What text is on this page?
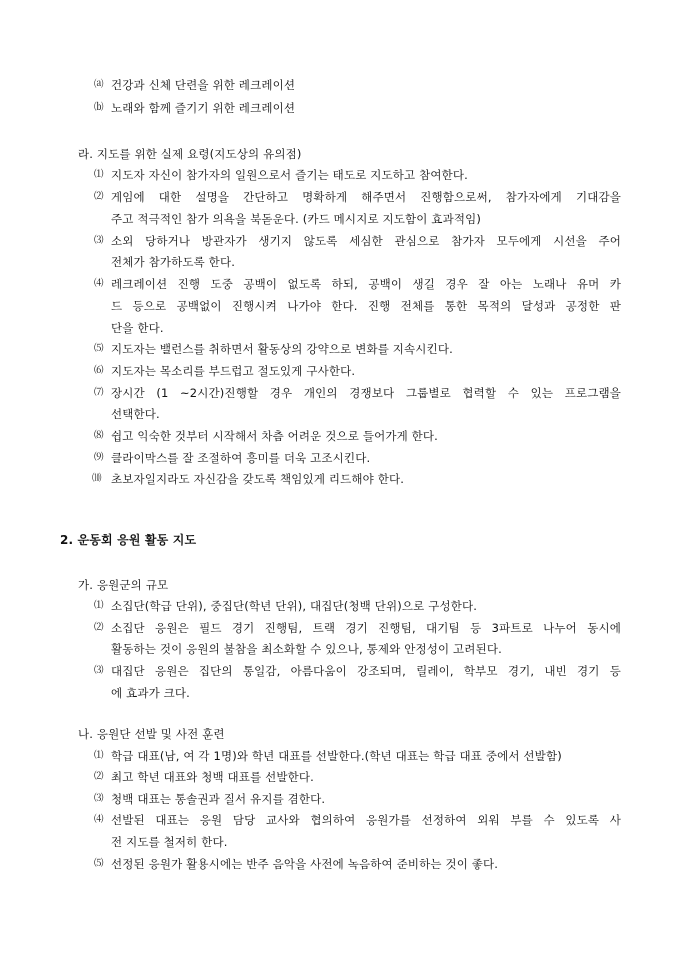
⒜ 건강과 신체 단련을 위한 레크레이션
⒝ 노래와 함께 즐기기 위한 레크레이션
라. 지도를 위한 실제 요령(지도상의 유의점)
⑴ 지도자 자신이 참가자의 일원으로서 즐기는 태도로 지도하고 참여한다.
⑵ 게임에 대한 설명을 간단하고 명확하게 해주면서 진행함으로써, 참가자에게 기대감을
주고 적극적인 참가 의욕을 북돋운다. (카드 메시지로 지도함이 효과적임)
⑶ 소외 당하거나 방관자가 생기지 않도록 세심한 관심으로 참가자 모두에게 시선을 주어
전체가 참가하도록 한다.
⑷ 레크레이션 진행 도중 공백이 없도록 하되, 공백이 생길 경우 잘 아는 노래나 유머 카
드 등으로 공백없이 진행시켜 나가야 한다. 진행 전체를 통한 목적의 달성과 공정한 판
단을 한다.
⑸ 지도자는 밸런스를 취하면서 활동상의 강약으로 변화를 지속시킨다.
⑹ 지도자는 목소리를 부드럽고 절도있게 구사한다.
⑺ 장시간 (1 ~2시간)진행할 경우 개인의 경쟁보다 그룹별로 협력할 수 있는 프로그램을
선택한다.
⑻ 쉽고 익숙한 것부터 시작해서 차츰 어려운 것으로 들어가게 한다.
⑼ 클라이막스를 잘 조절하여 흥미를 더욱 고조시킨다.
⑽ 초보자일지라도 자신감을 갖도록 책임있게 리드해야 한다.
2. 운동회 응원 활동 지도
가. 응원군의 규모
⑴ 소집단(학급 단위), 중집단(학년 단위), 대집단(청백 단위)으로 구성한다.
⑵ 소집단 응원은 필드 경기 진행팀, 트랙 경기 진행팀, 대기팀 등 3파트로 나누어 동시에
활동하는 것이 응원의 불참을 최소화할 수 있으나, 통제와 안정성이 고려된다.
⑶ 대집단 응원은 집단의 통일감, 아름다움이 강조되며, 릴레이, 학부모 경기, 내빈 경기 등
에 효과가 크다.
나. 응원단 선발 및 사전 훈련
⑴ 학급 대표(남, 여 각 1명)와 학년 대표를 선발한다.(학년 대표는 학급 대표 중에서 선발함)
⑵ 최고 학년 대표와 청백 대표를 선발한다.
⑶ 청백 대표는 통솔권과 질서 유지를 겸한다.
⑷ 선발된 대표는 응원 담당 교사와 협의하여 응원가를 선정하여 외워 부를 수 있도록 사
전 지도를 철저히 한다.
⑸ 선정된 응원가 활용시에는 반주 음악을 사전에 녹음하여 준비하는 것이 좋다.
